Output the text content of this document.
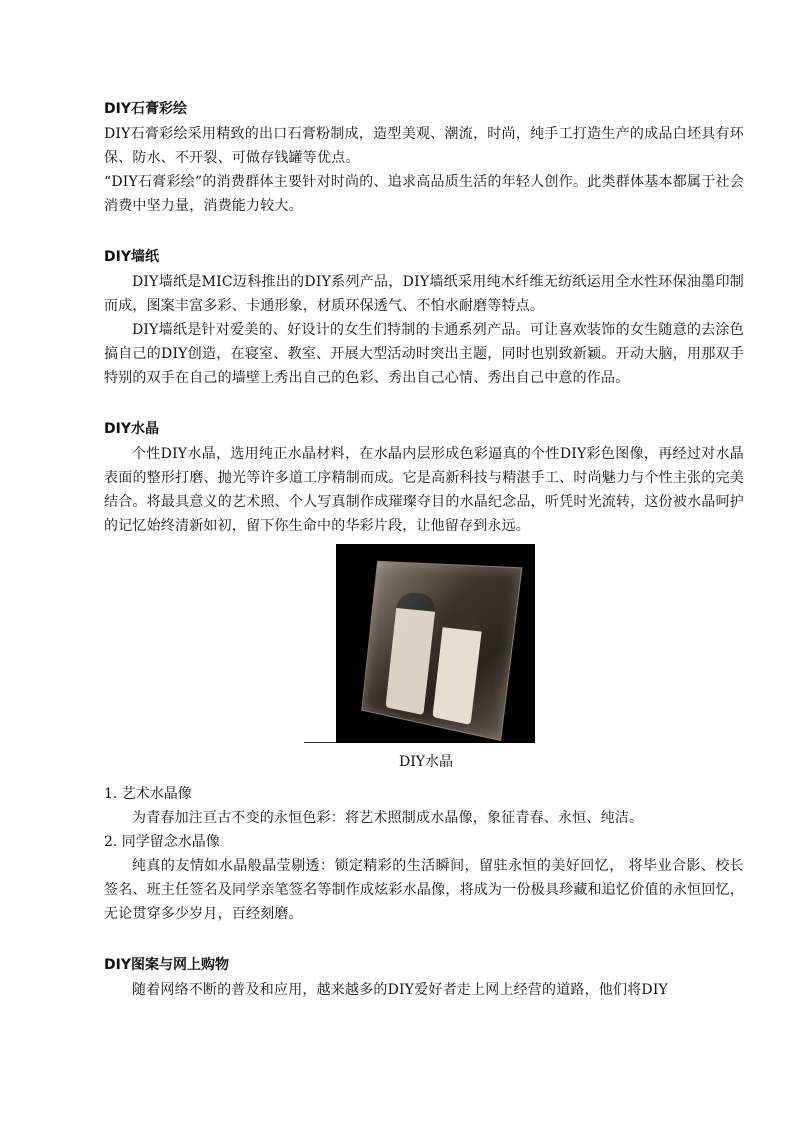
DIY石膏彩绘

DIY石膏彩绘采用精致的出口石膏粉制成，造型美观、潮流，时尚，纯手工打造生产的成品白坯具有环保、防水、不开裂、可做存钱罐等优点。

“DIY石膏彩绘”的消费群体主要针对时尚的、追求高品质生活的年轻人创作。此类群体基本都属于社会消费中坚力量，消费能力较大。

DIY墙纸

DIY墙纸是MIC迈科推出的DIY系列产品，DIY墙纸采用纯木纤维无纺纸运用全水性环保油墨印制而成，图案丰富多彩、卡通形象，材质环保透气、不怕水耐磨等特点。

DIY墙纸是针对爱美的、好设计的女生们特制的卡通系列产品。可让喜欢装饰的女生随意的去涂色搞自己的DIY创造，在寝室、教室、开展大型活动时突出主题，同时也别致新颖。开动大脑，用那双手特别的双手在自己的墙壁上秀出自己的色彩、秀出自己心情、秀出自己中意的作品。

DIY水晶

个性DIY水晶，选用纯正水晶材料，在水晶内层形成色彩逼真的个性DIY彩色图像，再经过对水晶表面的整形打磨、抛光等许多道工序精制而成。它是高新科技与精湛手工、时尚魅力与个性主张的完美结合。将最具意义的艺术照、个人写真制作成璀璨夺目的水晶纪念品，听凭时光流转，这份被水晶呵护的记忆始终清新如初，留下你生命中的华彩片段，让他留存到永远。

DIY水晶

1. 艺术水晶像

为青春加注亘古不变的永恒色彩：将艺术照制成水晶像，象征青春、永恒、纯洁。

2. 同学留念水晶像

纯真的友情如水晶般晶莹剔透：锁定精彩的生活瞬间，留驻永恒的美好回忆， 将毕业合影、校长签名、班主任签名及同学亲笔签名等制作成炫彩水晶像，将成为一份极具珍藏和追忆价值的永恒回忆，无论贯穿多少岁月，百经刻磨。

DIY图案与网上购物

随着网络不断的普及和应用，越来越多的DIY爱好者走上网上经营的道路，他们将DIY
